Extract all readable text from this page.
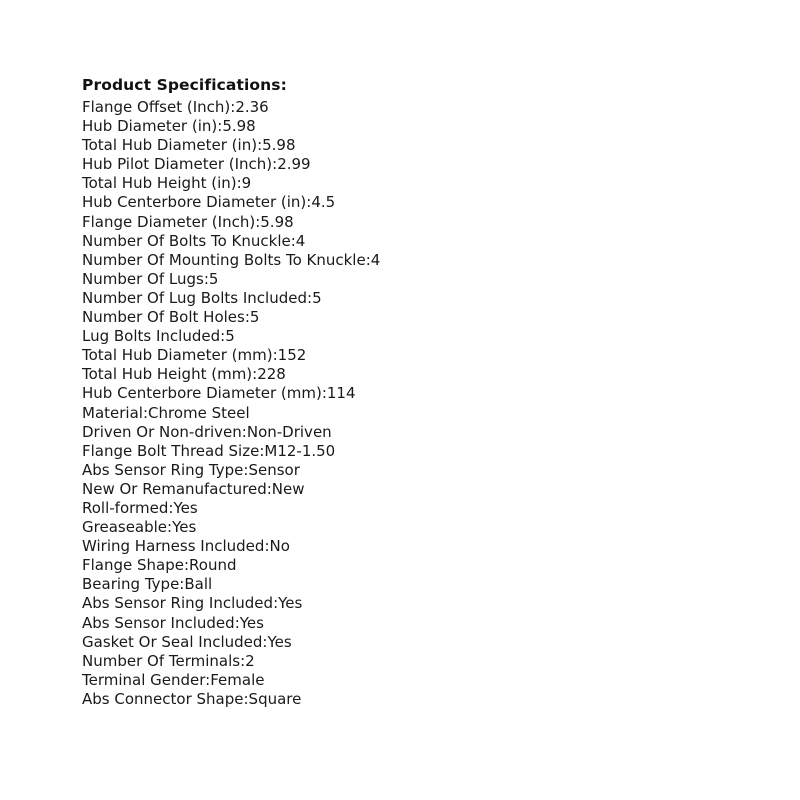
Product Specifications:
Flange Offset (Inch):2.36
Hub Diameter (in):5.98
Total Hub Diameter (in):5.98
Hub Pilot Diameter (Inch):2.99
Total Hub Height (in):9
Hub Centerbore Diameter (in):4.5
Flange Diameter (Inch):5.98
Number Of Bolts To Knuckle:4
Number Of Mounting Bolts To Knuckle:4
Number Of Lugs:5
Number Of Lug Bolts Included:5
Number Of Bolt Holes:5
Lug Bolts Included:5
Total Hub Diameter (mm):152
Total Hub Height (mm):228
Hub Centerbore Diameter (mm):114
Material:Chrome Steel
Driven Or Non-driven:Non-Driven
Flange Bolt Thread Size:M12-1.50
Abs Sensor Ring Type:Sensor
New Or Remanufactured:New
Roll-formed:Yes
Greaseable:Yes
Wiring Harness Included:No
Flange Shape:Round
Bearing Type:Ball
Abs Sensor Ring Included:Yes
Abs Sensor Included:Yes
Gasket Or Seal Included:Yes
Number Of Terminals:2
Terminal Gender:Female
Abs Connector Shape:Square
